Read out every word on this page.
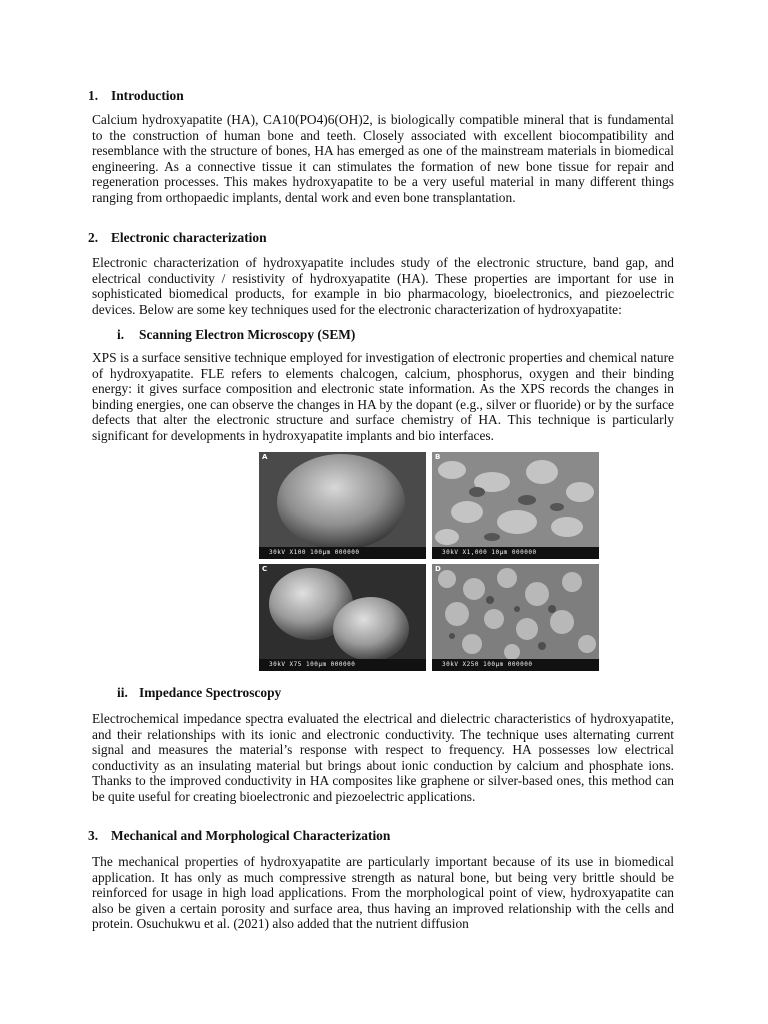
1. Introduction

Calcium hydroxyapatite (HA), CA10(PO4)6(OH)2, is biologically compatible mineral that is fundamental to the construction of human bone and teeth. Closely associated with excellent biocompatibility and resemblance with the structure of bones, HA has emerged as one of the mainstream materials in biomedical engineering. As a connective tissue it can stimulates the formation of new bone tissue for repair and regeneration processes. This makes hydroxyapatite to be a very useful material in many different things ranging from orthopaedic implants, dental work and even bone transplantation.

2. Electronic characterization

Electronic characterization of hydroxyapatite includes study of the electronic structure, band gap, and electrical conductivity / resistivity of hydroxyapatite (HA). These properties are important for use in sophisticated biomedical products, for example in bio pharmacology, bioelectronics, and piezoelectric devices. Below are some key techniques used for the electronic characterization of hydroxyapatite:

i. Scanning Electron Microscopy (SEM)

XPS is a surface sensitive technique employed for investigation of electronic properties and chemical nature of hydroxyapatite. FLE refers to elements chalcogen, calcium, phosphorus, oxygen and their binding energy: it gives surface composition and electronic state information. As the XPS records the changes in binding energies, one can observe the changes in HA by the dopant (e.g., silver or fluoride) or by the surface defects that alter the electronic structure and surface chemistry of HA. This technique is particularly significant for developments in hydroxyapatite implants and bio interfaces.

A
30kV X100 100μm 000000
B
30kV X1,000 10μm 000000
C
30kV X75 100μm 000000
D
30kV X250 100μm 000000
ii. Impedance Spectroscopy

Electrochemical impedance spectra evaluated the electrical and dielectric characteristics of hydroxyapatite, and their relationships with its ionic and electronic conductivity. The technique uses alternating current signal and measures the material’s response with respect to frequency. HA possesses low electrical conductivity as an insulating material but brings about ionic conduction by calcium and phosphate ions. Thanks to the improved conductivity in HA composites like graphene or silver-based ones, this method can be quite useful for creating bioelectronic and piezoelectric applications.

3. Mechanical and Morphological Characterization

The mechanical properties of hydroxyapatite are particularly important because of its use in biomedical application. It has only as much compressive strength as natural bone, but being very brittle should be reinforced for usage in high load applications. From the morphological point of view, hydroxyapatite can also be given a certain porosity and surface area, thus having an improved relationship with the cells and protein. Osuchukwu et al. (2021) also added that the nutrient diffusion
